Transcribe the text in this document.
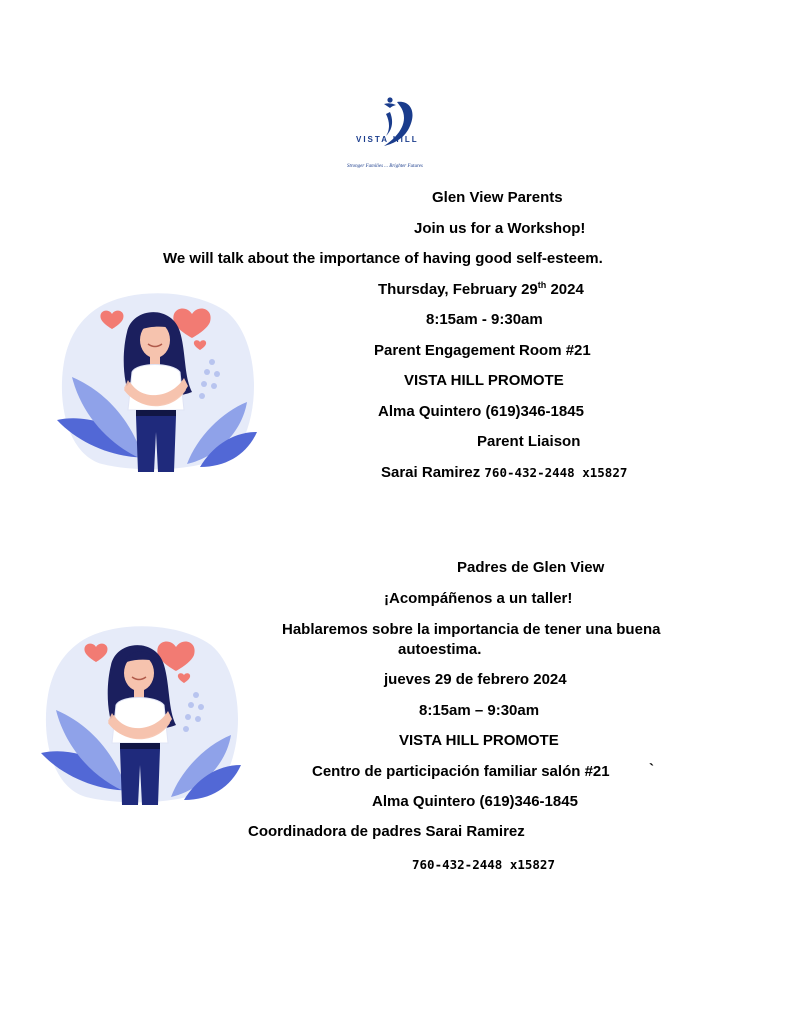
VISTA HILL
Stronger Families ... Brighter Futures
Glen View Parents
Join us for a Workshop!
We will talk about the importance of having good self-esteem.
Thursday, February 29th 2024
8:15am - 9:30am
Parent Engagement Room #21
VISTA HILL PROMOTE
Alma Quintero (619)346-1845
Parent Liaison
Sarai Ramirez 760-432-2448 x15827
Padres de Glen View
¡Acompáñenos a un taller!
Hablaremos sobre la importancia de tener una buena
autoestima.
jueves 29 de febrero 2024
8:15am – 9:30am
VISTA HILL PROMOTE
Centro de participación familiar salón #21	`
Alma Quintero (619)346-1845
Coordinadora de padres Sarai Ramirez
760-432-2448 x15827
